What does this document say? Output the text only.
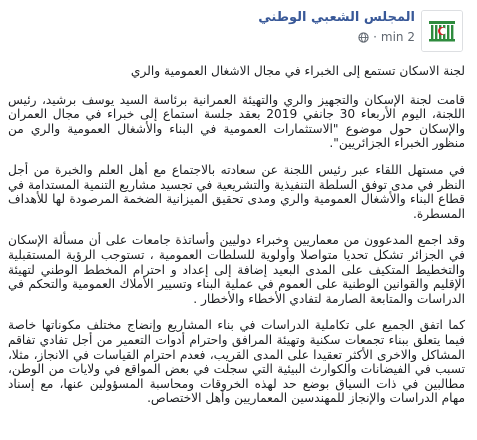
المجلس الشعبي الوطني
2 min
·

لجنة الاسكان تستمع إلى الخبراء في مجال الاشغال العمومية والري

قامت لجنة الإسكان والتجهيز والري والتهيئة العمرانية برئاسة السيد يوسف برشيد، رئيس اللجنة، اليوم الأربعاء 30 جانفي 2019 بعقد جلسة استماع إلى خبراء في مجال العمران والإسكان حول موضوع "الاستثمارات العمومية في البناء والأشغال العمومية والري من منظور الخبراء الجزائريين".

في مستهل اللقاء عبر رئيس اللجنة عن سعادته بالاجتماع مع أهل العلم والخبرة من أجل النظر في مدى توفق السلطة التنفيذية والتشريعية في تجسيد مشاريع التنمية المستدامة في قطاع البناء والأشغال العمومية والري ومدى تحقيق الميزانية الضخمة المرصودة لها للأهداف المسطرة.

وقد اجمع المدعوون من معماريين وخبراء دوليين وأساتذة جامعات على أن مسألة الإسكان في الجزائر تشكل تحديا متواصلا وأولوية للسلطات العمومية ، تستوجب الرؤية المستقبلية والتخطيط المتكيف على المدى البعيد إضافة إلى إعداد و احترام المخطط الوطني لتهيئة الإقليم والقوانين الوطنية على العموم في عملية البناء وتسيير الأملاك العمومية والتحكم في الدراسات والمتابعة الصارمة لتفادي الأخطاء والأخطار .

كما اتفق الجميع على تكاملية الدراسات في بناء المشاريع وإنضاج مختلف مكوناتها خاصة فيما يتعلق ببناء تجمعات سكنية وتهيئة المرافق واحترام أدوات التعمير من أجل تفادي تفاقم المشاكل والاخرى الأكثر تعقيدا على المدى القريب، فعدم احترام القياسات في الانجاز، مثلا، تسبب في الفيضانات والكوارث البيئية التي سجلت في بعض المواقع في ولايات من الوطن، مطالبين في ذات السياق بوضع حد لهذه الخروقات ومحاسبة المسؤولين عنها، مع إسناد مهام الدراسات والإنجاز للمهندسين المعماريين وأهل الاختصاص.
